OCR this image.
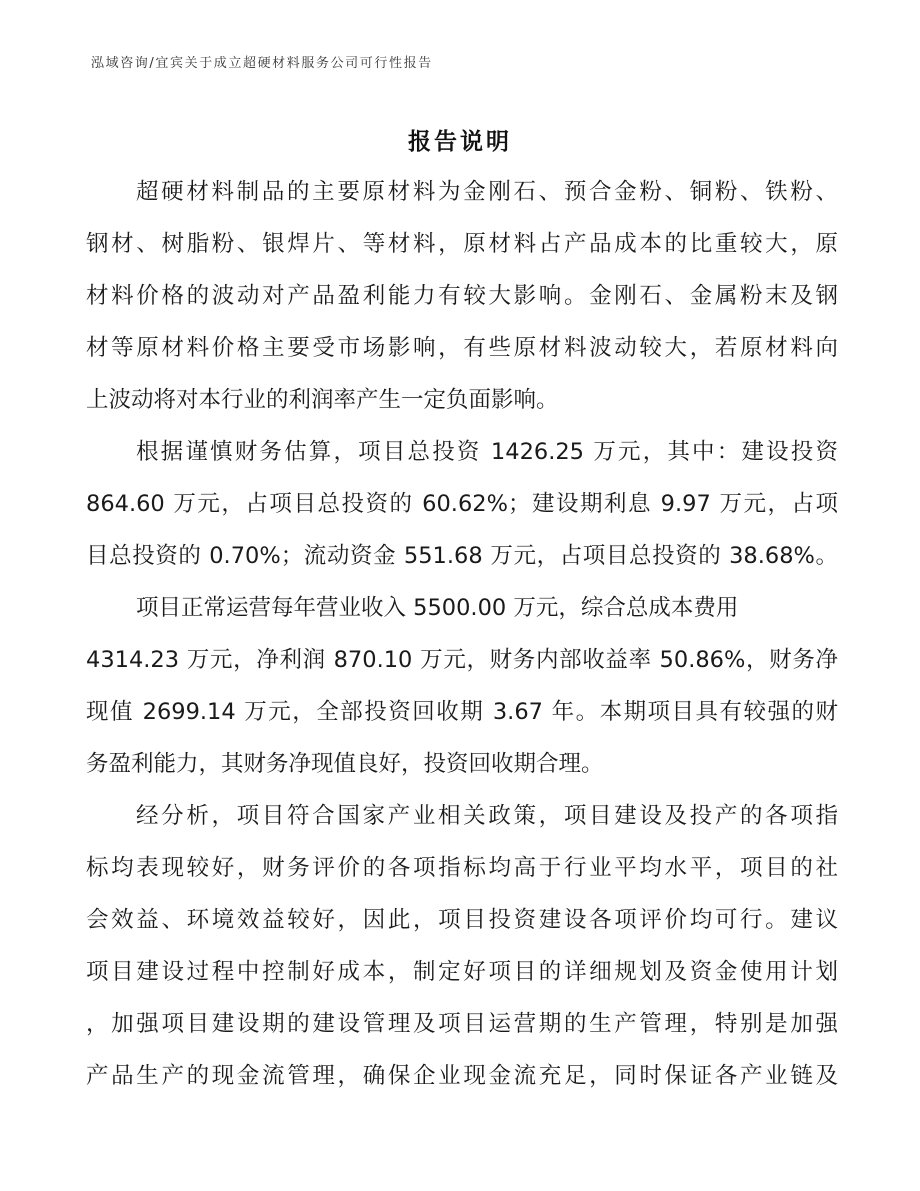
泓域咨询/宜宾关于成立超硬材料服务公司可行性报告
报告说明
超硬材料制品的主要原材料为金刚石、预合金粉、铜粉、铁粉、
钢材、树脂粉、银焊片、等材料，原材料占产品成本的比重较大，原
材料价格的波动对产品盈利能力有较大影响。金刚石、金属粉末及钢
材等原材料价格主要受市场影响，有些原材料波动较大，若原材料向
上波动将对本行业的利润率产生一定负面影响。
根据谨慎财务估算，项目总投资 1426.25 万元，其中：建设投资
864.60 万元，占项目总投资的 60.62%；建设期利息 9.97 万元，占项
目总投资的 0.70%；流动资金 551.68 万元，占项目总投资的 38.68%。
项目正常运营每年营业收入 5500.00 万元，综合总成本费用
4314.23 万元，净利润 870.10 万元，财务内部收益率 50.86%，财务净
现值 2699.14 万元，全部投资回收期 3.67 年。本期项目具有较强的财
务盈利能力，其财务净现值良好，投资回收期合理。
经分析，项目符合国家产业相关政策，项目建设及投产的各项指
标均表现较好，财务评价的各项指标均高于行业平均水平，项目的社
会效益、环境效益较好，因此，项目投资建设各项评价均可行。建议
项目建设过程中控制好成本，制定好项目的详细规划及资金使用计划
，加强项目建设期的建设管理及项目运营期的生产管理，特别是加强
产品生产的现金流管理，确保企业现金流充足，同时保证各产业链及
